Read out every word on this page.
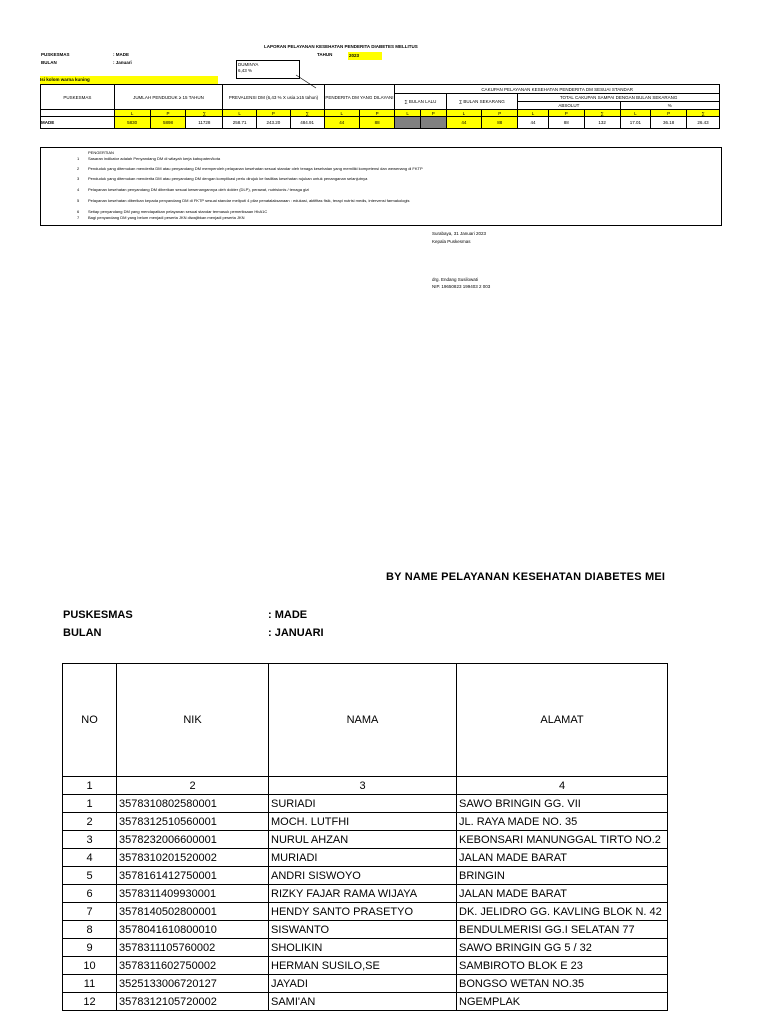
LAPORAN PELAYANAN KESEHATAN PENDERITA DIABETES MELLITUS
TAHUN	2023
PUSKESMAS	: MADE
BULAN	: Januari
Isi kolom warna kuning
DUMINYA
6,43 %
PUSKESMAS	JUMLAH PENDUDUK ≥ 15 TAHUN			PREVALENSI DM (6,43 % X usia ≥15 tahun)			PENDERITA DM YANG DILAYANI		CAKUPAN PELAYANAN KESEHATAN PENDERITA DM SESUAI STANDAR									
									∑ BULAN LALU		∑ BULAN SEKARANG		TOTAL CAKUPAN SAMPAI DENGAN BULAN SEKARANG					
													ABSOLUT			%		
	L	P	∑	L	P	∑	L	P	L	P	L	P	L	P	∑	L	P	∑
MADE	5830	5898	11728	258.71	243.20	484.91	44	88			44	88	44	88	132	17.01	36.18	26.43
PENGERTIAN
1 Sasaran indikator adalah Penyandang DM di wilayah kerja kabupaten/kota
2 Penduduk yang ditemukan menderita DM atau penyandang DM memperoleh pelayanan kesehatan sesuai standar oleh tenaga kesehatan yang memiliki kompetensi dan wewenang di FKTP
3 Penduduk yang ditemukan menderita DM atau penyandang DM dengan komplikasi perlu dirujuk ke fasilitas kesehatan rujukan untuk penanganan selanjutnya
4 Pelayanan kesehatan penyandang DM diberikan sesuai kewenangannya oleh dokter (DLP), perawat, nutrisionis / tenaga gizi
5 Pelayanan kesehatan diberikan kepada penyandang DM di FKTP sesuai standar meliputi 4 pilar penatalaksanaan : edukasi, aktifitas fisik, terapi nutrisi medis, intervensi farmakologis
6 Setiap penyandang DM yang mendapatkan pelayanan sesuai standar termasuk pemeriksaan HbA1C
7 Bagi penyandang DM yang belum menjadi peserta JKN diwajibkan menjadi peserta JKN
Surabaya, 31 Januari 2023
Kepala Puskesmas
drg. Endang Susilowati
NIP. 19650823 199403 2 003
BY NAME PELAYANAN KESEHATAN DIABETES MEI
PUSKESMAS	: MADE
BULAN	: JANUARI
NO	NIK	NAMA	ALAMAT
1	2	3	4
1	3578310802580001	SURIADI	SAWO BRINGIN GG. VII
2	3578312510560001	MOCH. LUTFHI	JL. RAYA MADE NO. 35
3	3578232006600001	NURUL AHZAN	KEBONSARI MANUNGGAL TIRTO NO.2
4	3578310201520002	MURIADI	JALAN MADE BARAT
5	3578161412750001	ANDRI SISWOYO	BRINGIN
6	3578311409930001	RIZKY FAJAR RAMA WIJAYA	JALAN MADE BARAT
7	3578140502800001	HENDY SANTO PRASETYO	DK. JELIDRO GG. KAVLING BLOK N. 42
8	3578041610800010	SISWANTO	BENDULMERISI GG.I SELATAN 77
9	3578311105760002	SHOLIKIN	SAWO BRINGIN GG 5 / 32
10	3578311602750002	HERMAN SUSILO,SE	SAMBIROTO BLOK E 23
11	3525133006720127	JAYADI	BONGSO WETAN NO.35
12	3578312105720002	SAMI'AN	NGEMPLAK
